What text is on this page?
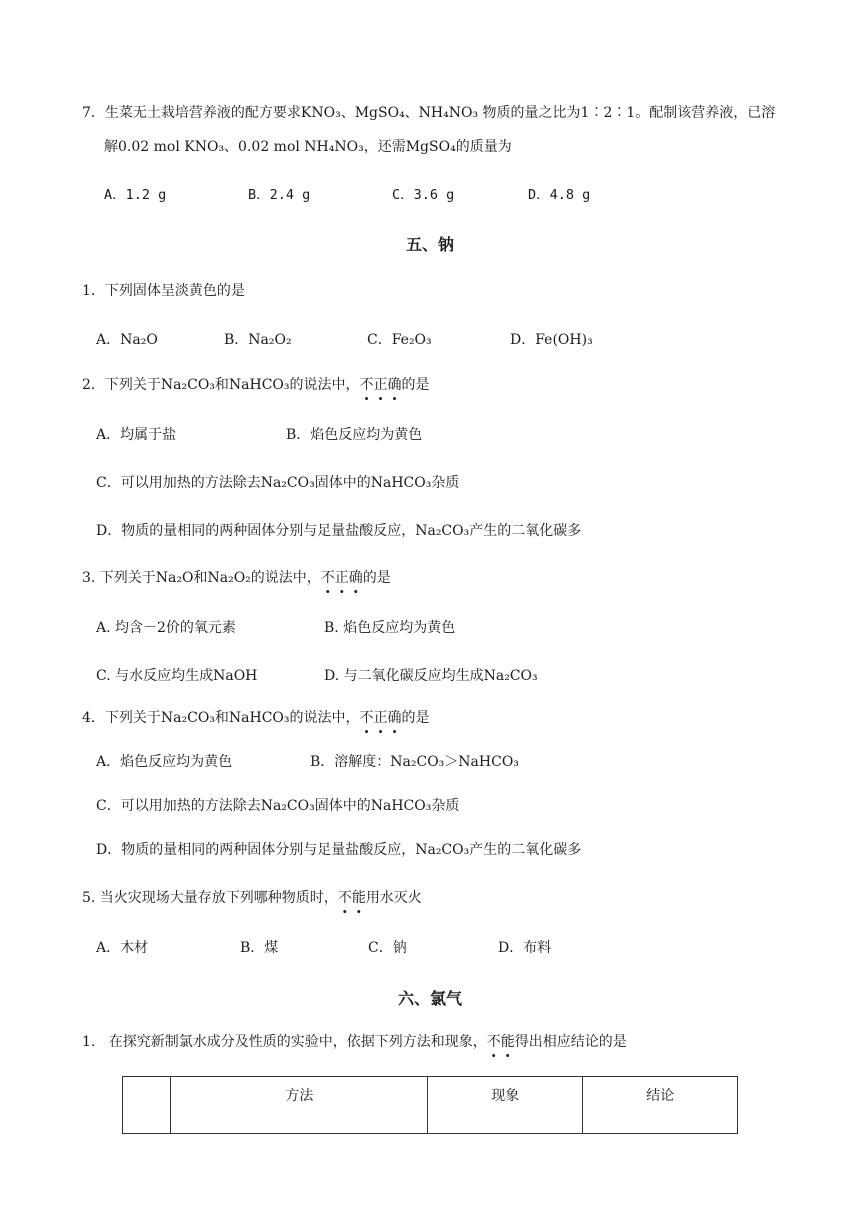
7．生菜无土栽培营养液的配方要求KNO₃、MgSO₄、NH₄NO₃ 物质的量之比为1∶2∶1。配制该营养液，已溶
解0.02 mol KNO₃、0.02 mol NH₄NO₃，还需MgSO₄的质量为
A．1.2 g	B．2.4 g	C．3.6 g	D．4.8 g
五、钠
1．下列固体呈淡黄色的是
A．Na₂O	B．Na₂O₂	C．Fe₂O₃	D．Fe(OH)₃
2．下列关于Na₂CO₃和NaHCO₃的说法中，不正确的是
A．均属于盐	B．焰色反应均为黄色
C．可以用加热的方法除去Na₂CO₃固体中的NaHCO₃杂质
D．物质的量相同的两种固体分别与足量盐酸反应，Na₂CO₃产生的二氧化碳多
3. 下列关于Na₂O和Na₂O₂的说法中，不正确的是
A. 均含－2价的氧元素	B. 焰色反应均为黄色
C. 与水反应均生成NaOH	D. 与二氧化碳反应均生成Na₂CO₃
4．下列关于Na₂CO₃和NaHCO₃的说法中，不正确的是
A．焰色反应均为黄色	B．溶解度：Na₂CO₃＞NaHCO₃
C．可以用加热的方法除去Na₂CO₃固体中的NaHCO₃杂质
D．物质的量相同的两种固体分别与足量盐酸反应，Na₂CO₃产生的二氧化碳多
5. 当火灾现场大量存放下列哪种物质时，不能用水灭火
A．木材	B．煤	C．钠	D．布料
六、氯气
1.   在探究新制氯水成分及性质的实验中，依据下列方法和现象，不能得出相应结论的是
	方法	现象	结论
